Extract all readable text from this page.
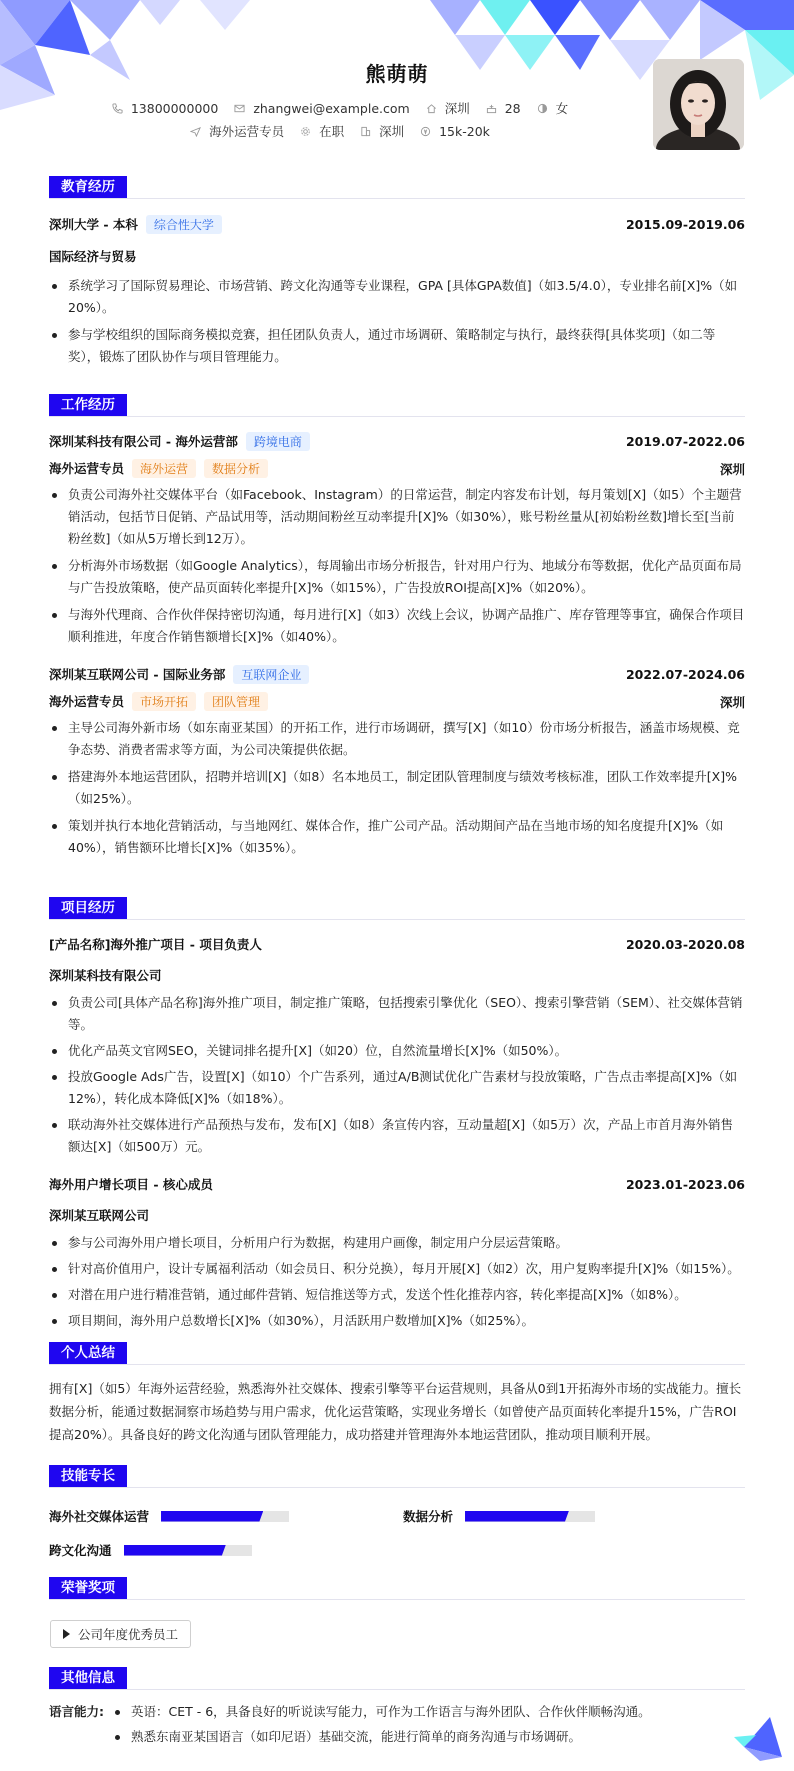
熊萌萌
13800000000	zhangwei@example.com	深圳	28	女
海外运营专员	在职	深圳	15k-20k
教育经历
深圳大学 - 本科 综合性大学	2015.09-2019.06
国际经济与贸易
系统学习了国际贸易理论、市场营销、跨文化沟通等专业课程，GPA [具体GPA数值]（如3.5/4.0），专业排名前[X]%（如20%）。
参与学校组织的国际商务模拟竞赛，担任团队负责人，通过市场调研、策略制定与执行，最终获得[具体奖项]（如二等奖），锻炼了团队协作与项目管理能力。
工作经历
深圳某科技有限公司 - 海外运营部 跨境电商	2019.07-2022.06
海外运营专员 海外运营 数据分析	深圳
负责公司海外社交媒体平台（如Facebook、Instagram）的日常运营，制定内容发布计划，每月策划[X]（如5）个主题营销活动，包括节日促销、产品试用等，活动期间粉丝互动率提升[X]%（如30%），账号粉丝量从[初始粉丝数]增长至[当前粉丝数]（如从5万增长到12万）。
分析海外市场数据（如Google Analytics），每周输出市场分析报告，针对用户行为、地域分布等数据，优化产品页面布局与广告投放策略，使产品页面转化率提升[X]%（如15%），广告投放ROI提高[X]%（如20%）。
与海外代理商、合作伙伴保持密切沟通，每月进行[X]（如3）次线上会议，协调产品推广、库存管理等事宜，确保合作项目顺利推进，年度合作销售额增长[X]%（如40%）。
深圳某互联网公司 - 国际业务部 互联网企业	2022.07-2024.06
海外运营专员 市场开拓 团队管理	深圳
主导公司海外新市场（如东南亚某国）的开拓工作，进行市场调研，撰写[X]（如10）份市场分析报告，涵盖市场规模、竞争态势、消费者需求等方面，为公司决策提供依据。
搭建海外本地运营团队，招聘并培训[X]（如8）名本地员工，制定团队管理制度与绩效考核标准，团队工作效率提升[X]%（如25%）。
策划并执行本地化营销活动，与当地网红、媒体合作，推广公司产品。活动期间产品在当地市场的知名度提升[X]%（如40%），销售额环比增长[X]%（如35%）。
项目经历
[产品名称]海外推广项目 - 项目负责人	2020.03-2020.08
深圳某科技有限公司
负责公司[具体产品名称]海外推广项目，制定推广策略，包括搜索引擎优化（SEO）、搜索引擎营销（SEM）、社交媒体营销等。
优化产品英文官网SEO，关键词排名提升[X]（如20）位，自然流量增长[X]%（如50%）。
投放Google Ads广告，设置[X]（如10）个广告系列，通过A/B测试优化广告素材与投放策略，广告点击率提高[X]%（如12%），转化成本降低[X]%（如18%）。
联动海外社交媒体进行产品预热与发布，发布[X]（如8）条宣传内容，互动量超[X]（如5万）次，产品上市首月海外销售额达[X]（如500万）元。
海外用户增长项目 - 核心成员	2023.01-2023.06
深圳某互联网公司
参与公司海外用户增长项目，分析用户行为数据，构建用户画像，制定用户分层运营策略。
针对高价值用户，设计专属福利活动（如会员日、积分兑换），每月开展[X]（如2）次，用户复购率提升[X]%（如15%）。
对潜在用户进行精准营销，通过邮件营销、短信推送等方式，发送个性化推荐内容，转化率提高[X]%（如8%）。
项目期间，海外用户总数增长[X]%（如30%），月活跃用户数增加[X]%（如25%）。
个人总结
拥有[X]（如5）年海外运营经验，熟悉海外社交媒体、搜索引擎等平台运营规则，具备从0到1开拓海外市场的实战能力。擅长数据分析，能通过数据洞察市场趋势与用户需求，优化运营策略，实现业务增长（如曾使产品页面转化率提升15%，广告ROI提高20%）。具备良好的跨文化沟通与团队管理能力，成功搭建并管理海外本地运营团队，推动项目顺利开展。
技能专长
海外社交媒体运营	数据分析
跨文化沟通
荣誉奖项
公司年度优秀员工
其他信息
语言能力:	英语：CET - 6，具备良好的听说读写能力，可作为工作语言与海外团队、合作伙伴顺畅沟通。
熟悉东南亚某国语言（如印尼语）基础交流，能进行简单的商务沟通与市场调研。
